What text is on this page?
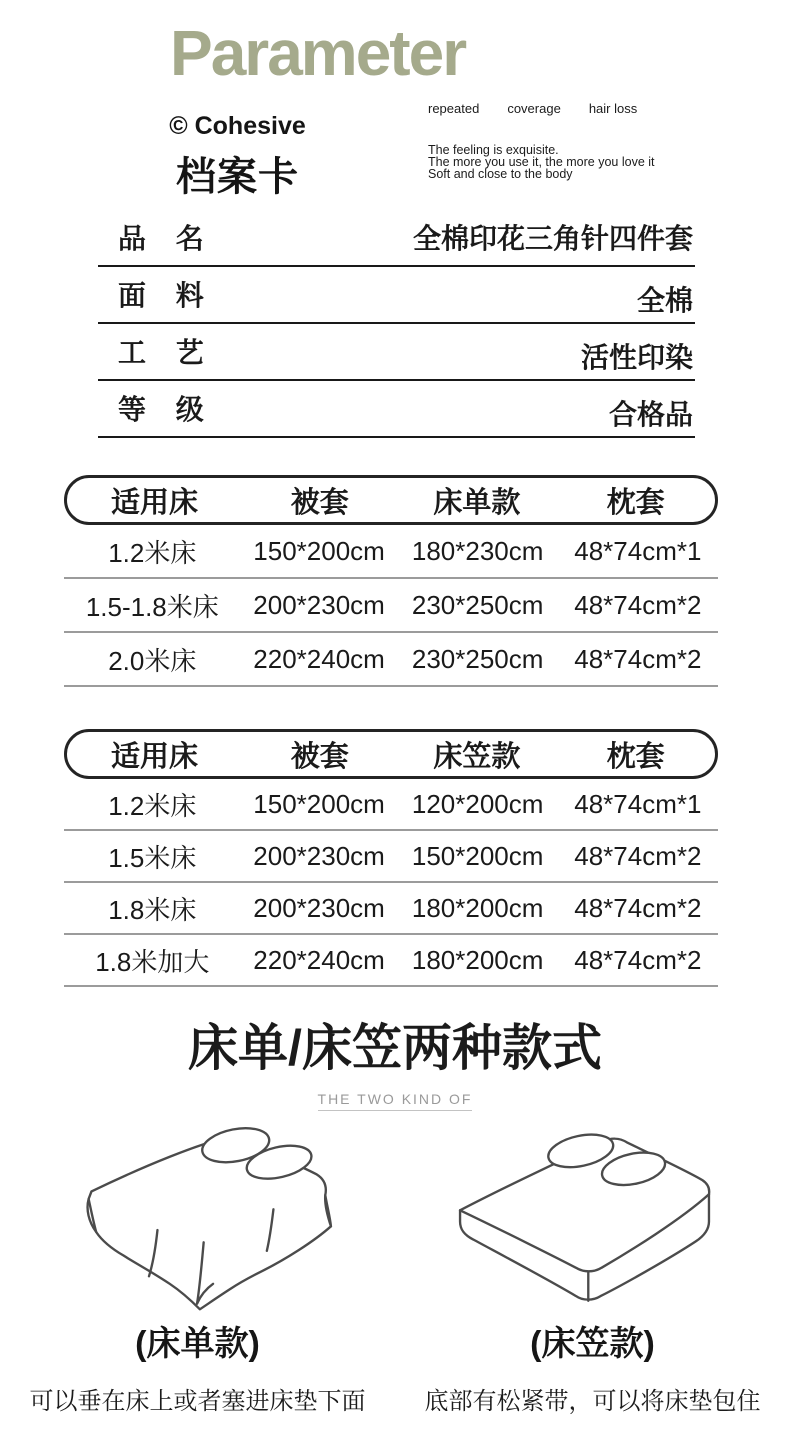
Parameter
© Cohesive
档案卡
repeated coverage hair loss
The feeling is exquisite.
The more you use it, the more you love it
Soft and close to the body
品 名	全棉印花三角针四件套
面 料	全棉
工 艺	活性印染
等 级	合格品
适用床	被套	床单款	枕套
1.2米床 150*200cm 180*230cm 48*74cm*1
1.5-1.8米床 200*230cm 230*250cm 48*74cm*2
2.0米床 220*240cm 230*250cm 48*74cm*2
适用床	被套	床笠款	枕套
1.2米床 150*200cm 120*200cm 48*74cm*1
1.5米床 200*230cm 150*200cm 48*74cm*2
1.8米床 200*230cm 180*200cm 48*74cm*2
1.8米加大 220*240cm 180*200cm 48*74cm*2
床单/床笠两种款式
THE TWO KIND OF
(床单款)
可以垂在床上或者塞进床垫下面
(床笠款)
底部有松紧带，可以将床垫包住
